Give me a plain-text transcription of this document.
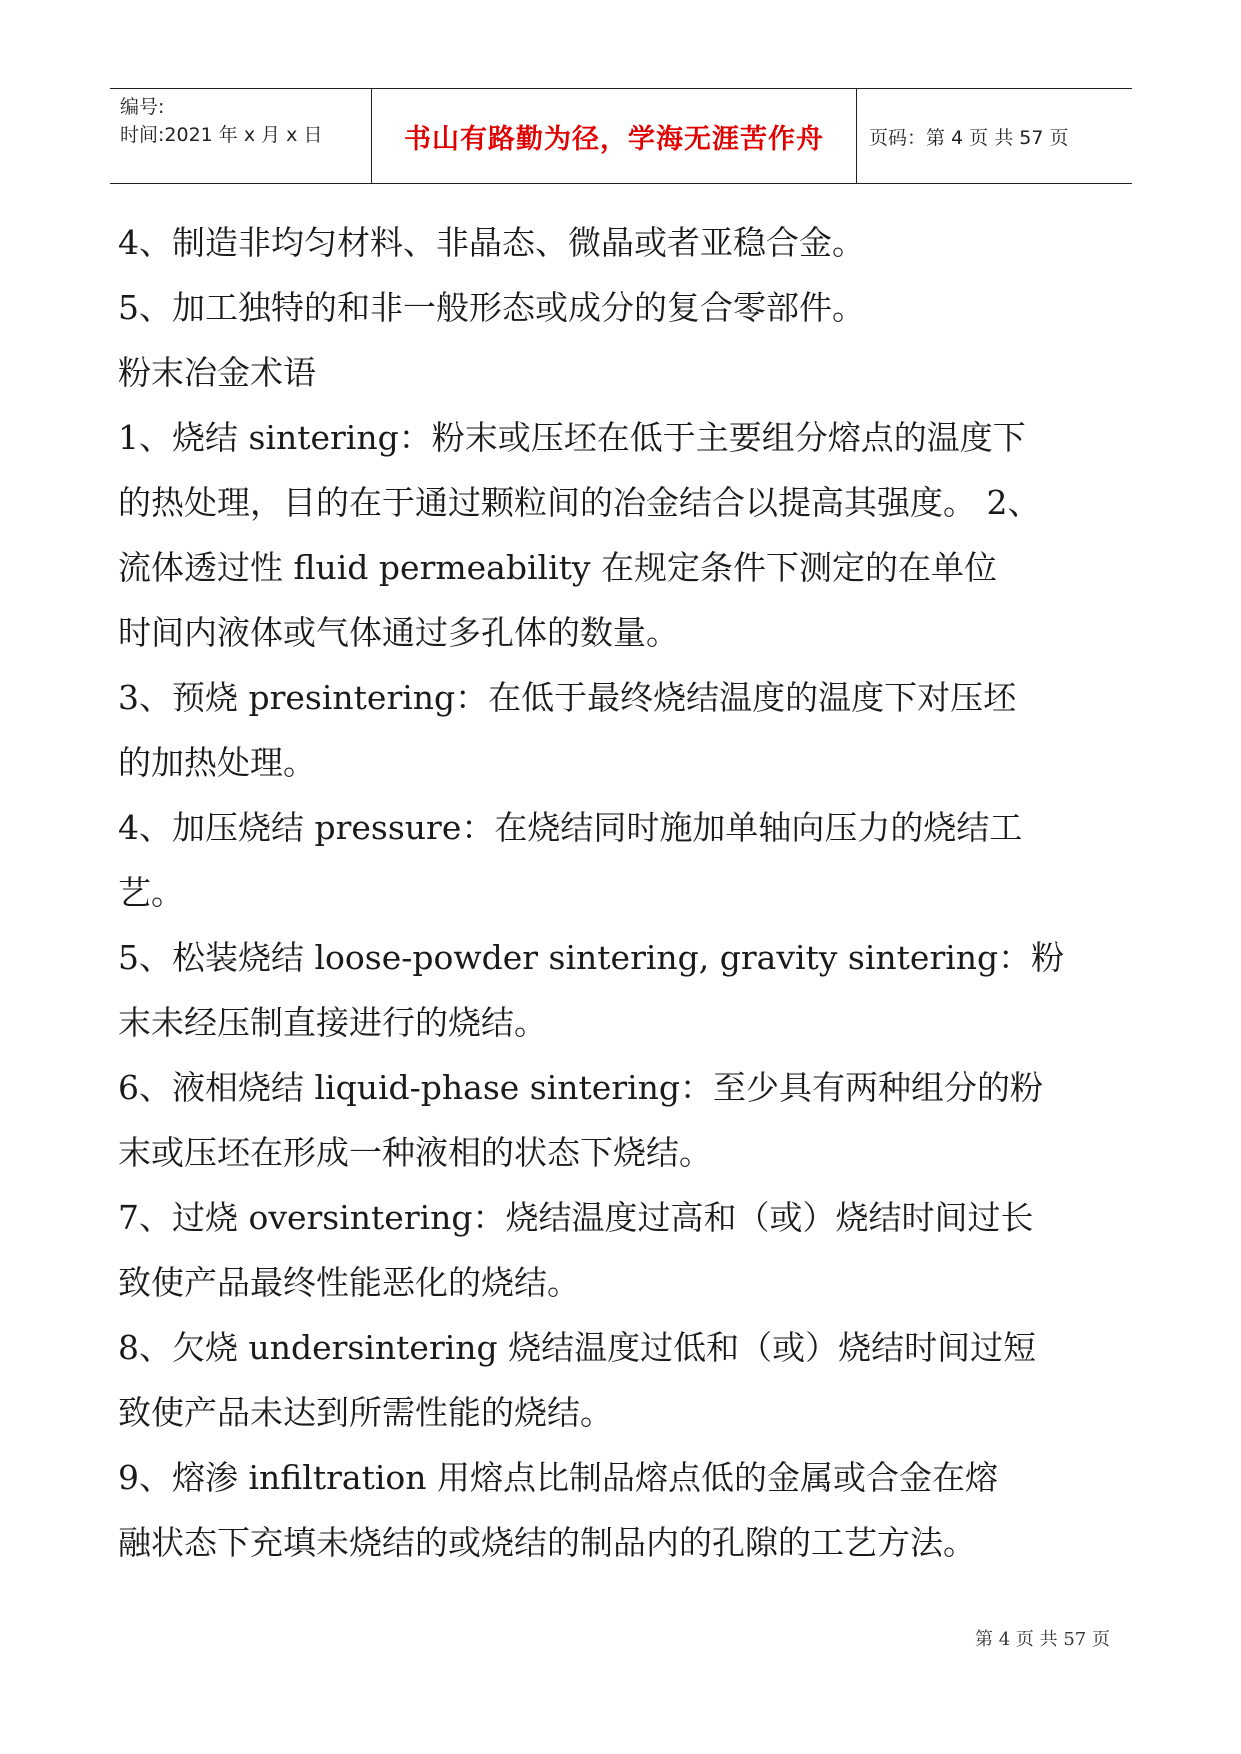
编号:
时间:2021 年 x 月 x 日	书山有路勤为径，学海无涯苦作舟	页码：第 4 页 共 57 页
4、制造非均匀材料、非晶态、微晶或者亚稳合金。
5、加工独特的和非一般形态或成分的复合零部件。
粉末冶金术语
1、烧结 sintering：粉末或压坯在低于主要组分熔点的温度下
的热处理，目的在于通过颗粒间的冶金结合以提高其强度。 2、
流体透过性 fluid permeability 在规定条件下测定的在单位
时间内液体或气体通过多孔体的数量。
3、预烧 presintering：在低于最终烧结温度的温度下对压坯
的加热处理。
4、加压烧结 pressure：在烧结同时施加单轴向压力的烧结工
艺。
5、松装烧结 loose-powder sintering, gravity sintering：粉
末未经压制直接进行的烧结。
6、液相烧结 liquid-phase sintering：至少具有两种组分的粉
末或压坯在形成一种液相的状态下烧结。
7、过烧 oversintering：烧结温度过高和（或）烧结时间过长
致使产品最终性能恶化的烧结。
8、欠烧 undersintering 烧结温度过低和（或）烧结时间过短
致使产品未达到所需性能的烧结。
9、熔渗 infiltration 用熔点比制品熔点低的金属或合金在熔
融状态下充填未烧结的或烧结的制品内的孔隙的工艺方法。
第 4 页 共 57 页
